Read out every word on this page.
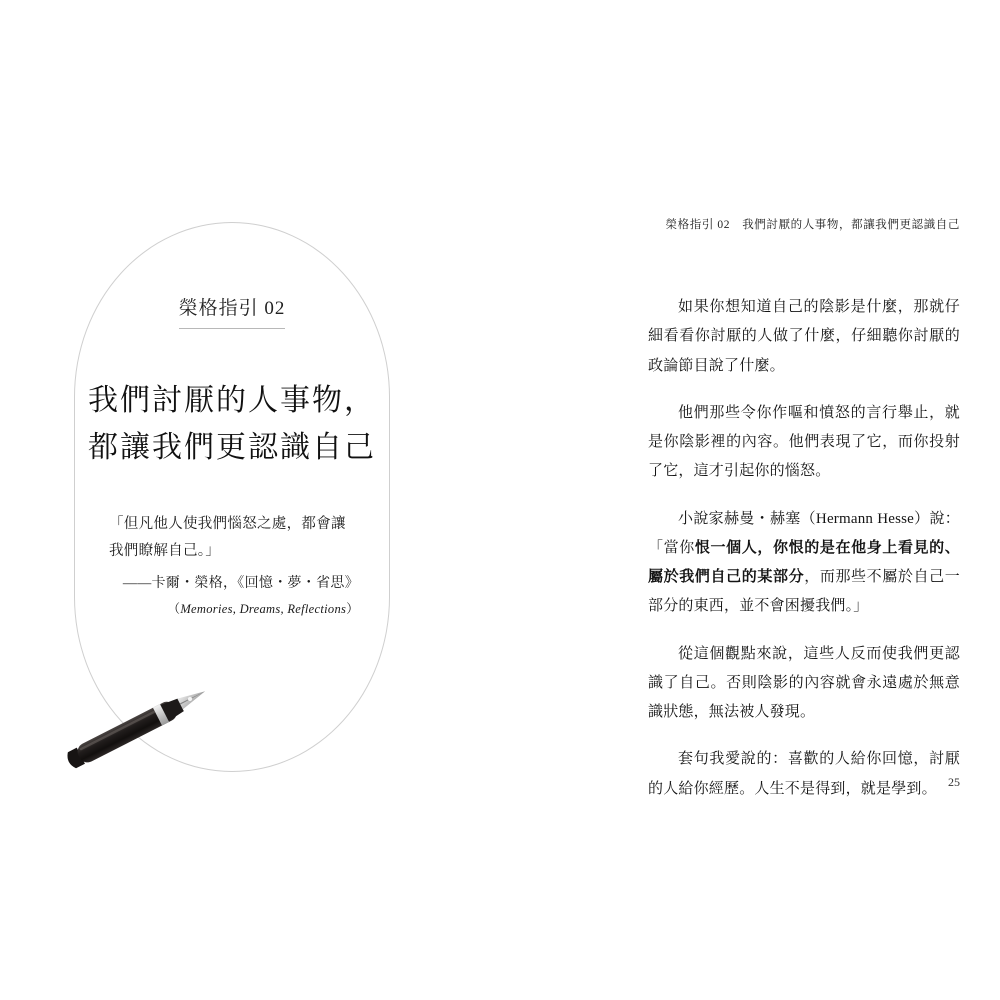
榮格指引 02
我們討厭的人事物，
都讓我們更認識自己
「但凡他人使我們惱怒之處，都會讓我們瞭解自己。」
——卡爾・榮格，《回憶・夢・省思》
（Memories, Dreams, Reflections）
榮格指引 02　我們討厭的人事物，都讓我們更認識自己

如果你想知道自己的陰影是什麼，那就仔細看看你討厭的人做了什麼，仔細聽你討厭的政論節目說了什麼。

他們那些令你作嘔和憤怒的言行舉止，就是你陰影裡的內容。他們表現了它，而你投射了它，這才引起你的惱怒。

小說家赫曼・赫塞（Hermann Hesse）說：「當你恨一個人，你恨的是在他身上看見的、屬於我們自己的某部分，而那些不屬於自己一部分的東西，並不會困擾我們。」

從這個觀點來說，這些人反而使我們更認識了自己。否則陰影的內容就會永遠處於無意識狀態，無法被人發現。

套句我愛說的：喜歡的人給你回憶，討厭的人給你經歷。人生不是得到，就是學到。 25
